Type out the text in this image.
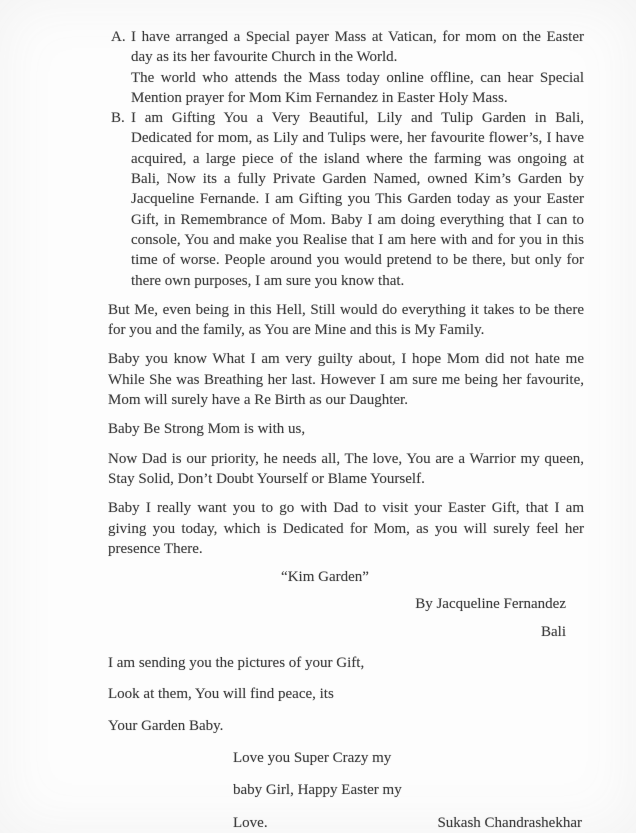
A. I have arranged a Special payer Mass at Vatican, for mom on the Easter day as its her favourite Church in the World.

The world who attends the Mass today online offline, can hear Special Mention prayer for Mom Kim Fernandez in Easter Holy Mass.

B. I am Gifting You a Very Beautiful, Lily and Tulip Garden in Bali, Dedicated for mom, as Lily and Tulips were, her favourite flower’s, I have acquired, a large piece of the island where the farming was ongoing at Bali, Now its a fully Private Garden Named, owned Kim’s Garden by Jacqueline Fernande. I am Gifting you This Garden today as your Easter Gift, in Remembrance of Mom. Baby I am doing everything that I can to console, You and make you Realise that I am here with and for you in this time of worse. People around you would pretend to be there, but only for there own purposes, I am sure you know that.

But Me, even being in this Hell, Still would do everything it takes to be there for you and the family, as You are Mine and this is My Family.

Baby you know What I am very guilty about, I hope Mom did not hate me While She was Breathing her last. However I am sure me being her favourite, Mom will surely have a Re Birth as our Daughter.

Baby Be Strong Mom is with us,

Now Dad is our priority, he needs all, The love, You are a Warrior my queen, Stay Solid, Don’t Doubt Yourself or Blame Yourself.

Baby I really want you to go with Dad to visit your Easter Gift, that I am giving you today, which is Dedicated for Mom, as you will surely feel her presence There.

“Kim Garden”

By Jacqueline Fernandez

Bali

I am sending you the pictures of your Gift,

Look at them, You will find peace, its

Your Garden Baby.

Love you Super Crazy my

baby Girl, Happy Easter my

Love.	Sukash Chandrashekhar
